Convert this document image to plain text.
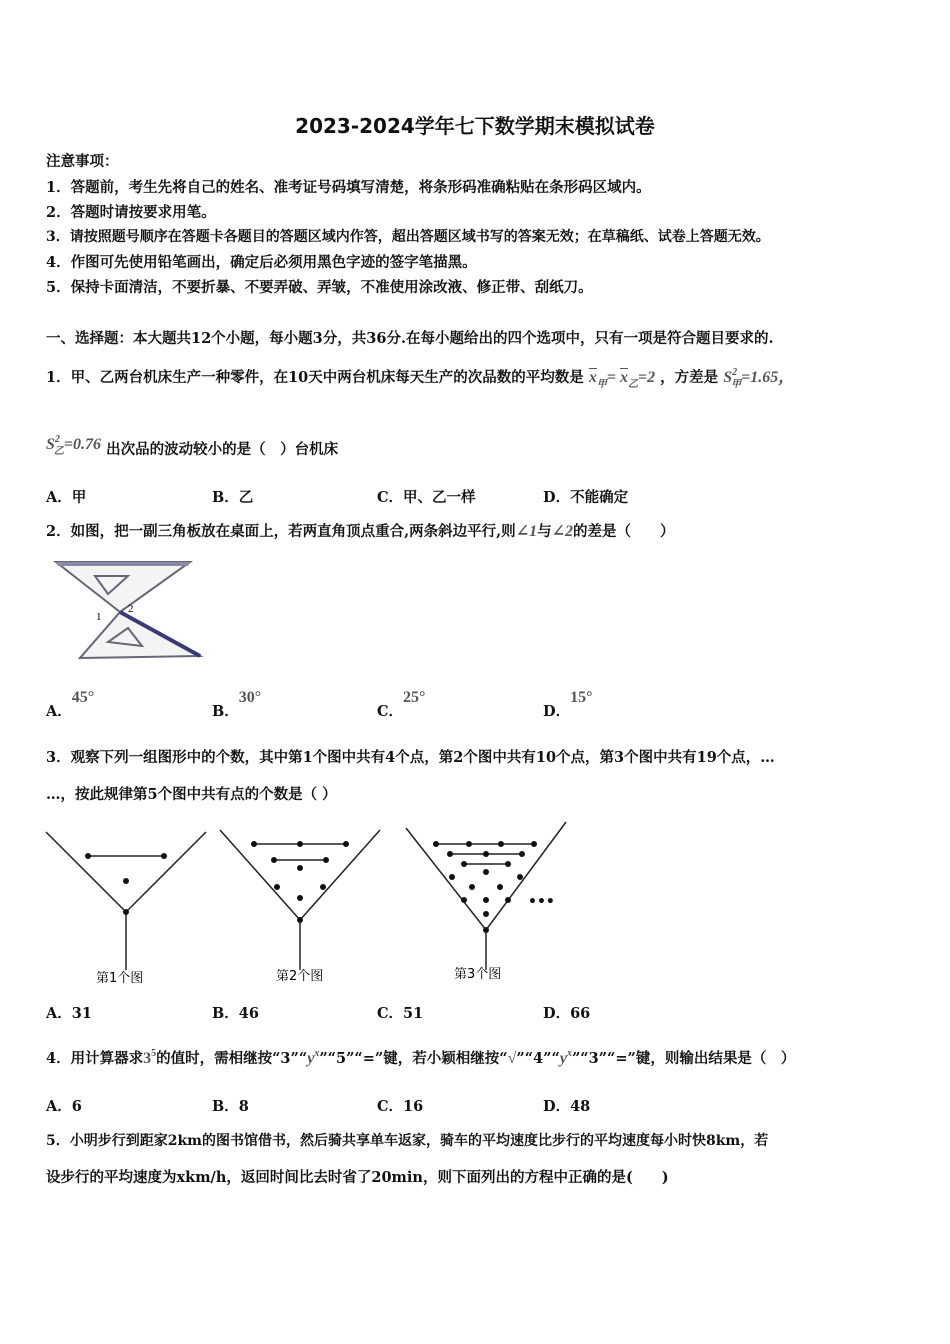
2023-2024学年七下数学期末模拟试卷
注意事项：
1．答题前，考生先将自己的姓名、准考证号码填写清楚，将条形码准确粘贴在条形码区域内。
2．答题时请按要求用笔。
3．请按照题号顺序在答题卡各题目的答题区域内作答，超出答题区域书写的答案无效；在草稿纸、试卷上答题无效。
4．作图可先使用铅笔画出，确定后必须用黑色字迹的签字笔描黑。
5．保持卡面清洁，不要折暴、不要弄破、弄皱，不准使用涂改液、修正带、刮纸刀。
一、选择题：本大题共12个小题，每小题3分，共36分.在每小题给出的四个选项中，只有一项是符合题目要求的.
1．甲、乙两台机床生产一种零件，在10天中两台机床每天生产的次品数的平均数是 $\overline{x}_甲= \overline{x}_乙=2$ ，方差是 $S^2_甲=1.65$，
$S^2_乙=0.76$ 出次品的波动较小的是（　）台机床
A．甲	B．乙	C．甲、乙一样	D．不能确定
2．如图，把一副三角板放在桌面上，若两直角顶点重合,两条斜边平行,则∠1与∠2的差是（　　）
1
2
A．45°
B．30°
C．25°
D．15°
3．观察下列一组图形中的个数，其中第1个图中共有4个点，第2个图中共有10个点，第3个图中共有19个点，…
…，按此规律第5个图中共有点的个数是（ ）
•••
第1个图	第2个图	第3个图
A．31	B．46	C．51	D．66
4．用计算器求$3^5$的值时，需相继按“$3”“y^x”“5”“=$”键，若小颖相继按“$√”“4”“y^x”“3”“=$”键，则输出结果是（　）
A．6	B．8	C．16	D．48
5．小明步行到距家2km的图书馆借书，然后骑共享单车返家，骑车的平均速度比步行的平均速度每小时快8km，若
设步行的平均速度为xkm/h，返回时间比去时省了20min，则下面列出的方程中正确的是(　　)
